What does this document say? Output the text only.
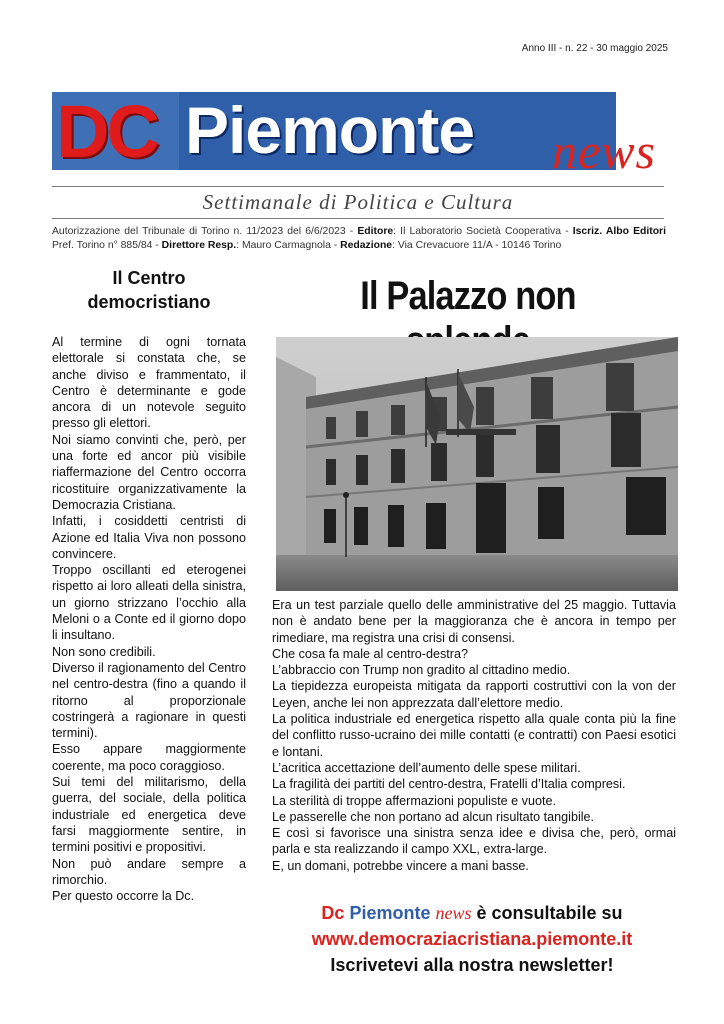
Anno III - n. 22 - 30 maggio 2025
DC Piemonte news
Settimanale di Politica e Cultura
Autorizzazione del Tribunale di Torino n. 11/2023 del 6/6/2023 - Editore: Il Laboratorio Società Cooperativa - Iscriz. Albo Editori Pref. Torino n° 885/84 - Direttore Resp.: Mauro Carmagnola - Redazione: Via Crevacuore 11/A - 10146 Torino
Il Centro democristiano

Al termine di ogni tornata elettorale si constata che, se anche diviso e frammentato, il Centro è determinante e gode ancora di un notevole seguito presso gli elettori.

Noi siamo convinti che, però, per una forte ed ancor più visibile riaffermazione del Centro occorra ricostituire organizzativamente la Democrazia Cristiana.

Infatti, i cosiddetti centristi di Azione ed Italia Viva non possono convincere.

Troppo oscillanti ed eterogenei rispetto ai loro alleati della sinistra, un giorno strizzano l’occhio alla Meloni o a Conte ed il giorno dopo li insultano.

Non sono credibili.

Diverso il ragionamento del Centro nel centro-destra (fino a quando il ritorno al proporzionale costringerà a ragionare in questi termini).

Esso appare maggiormente coerente, ma poco coraggioso.

Sui temi del militarismo, della guerra, del sociale, della politica industriale ed energetica deve farsi maggiormente sentire, in termini positivi e propositivi.

Non può andare sempre a rimorchio.

Per questo occorre la Dc.

Il Palazzo non

Era un test parziale quello delle amministrative del 25 maggio. Tuttavia non è andato bene per la maggioranza che è ancora in tempo per rimediare, ma registra una crisi di consensi.

Che cosa fa male al centro-destra?

L’abbraccio con Trump non gradito al cittadino medio.

La tiepidezza europeista mitigata da rapporti costruttivi con la von der Leyen, anche lei non apprezzata dall’elettore medio.

La politica industriale ed energetica rispetto alla quale conta più la fine del conflitto russo-ucraino dei mille contatti (e contratti) con Paesi esotici e lontani.

L’acritica accettazione dell’aumento delle spese militari.

La fragilità dei partiti del centro-destra, Fratelli d’Italia compresi.

La sterilità di troppe affermazioni populiste e vuote.

Le passerelle che non portano ad alcun risultato tangibile.

E così si favorisce una sinistra senza idee e divisa che, però, ormai parla e sta realizzando il campo XXL, extra-large.

E, un domani, potrebbe vincere a mani basse.

Dc Piemonte news è consultabile su
www.democraziacristiana.piemonte.it
Iscrivetevi alla nostra newsletter!
